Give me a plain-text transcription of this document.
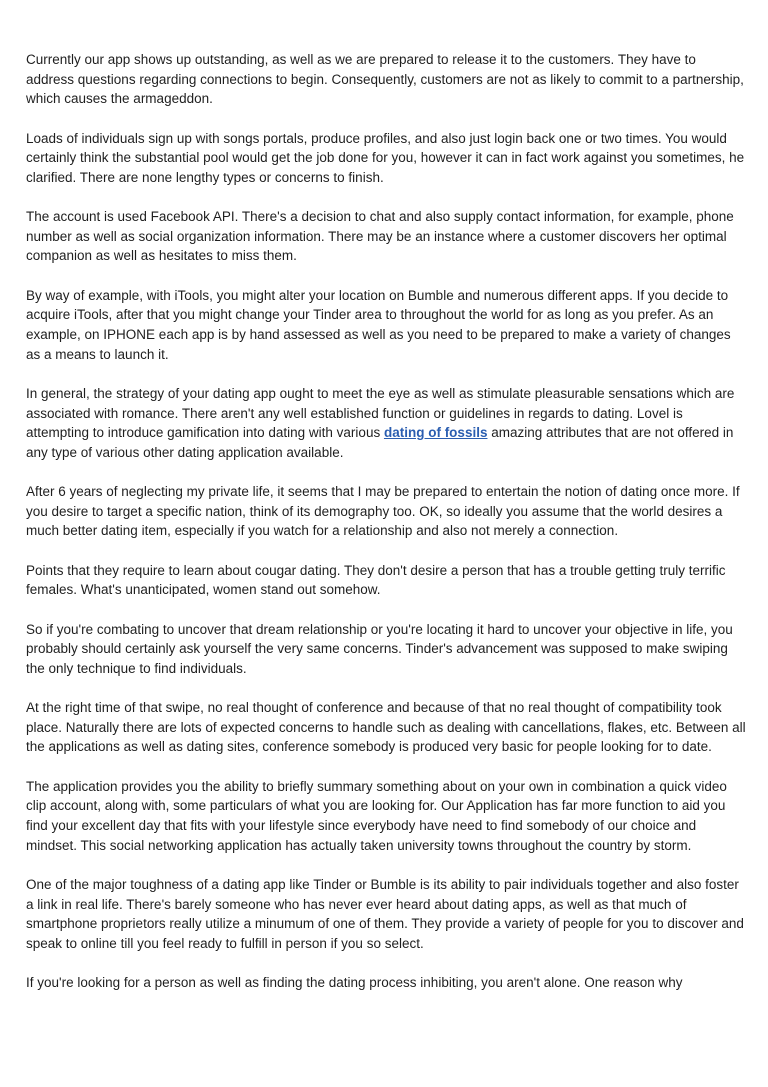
Currently our app shows up outstanding, as well as we are prepared to release it to the customers. They have to address questions regarding connections to begin. Consequently, customers are not as likely to commit to a partnership, which causes the armageddon.

Loads of individuals sign up with songs portals, produce profiles, and also just login back one or two times. You would certainly think the substantial pool would get the job done for you, however it can in fact work against you sometimes, he clarified. There are none lengthy types or concerns to finish.

The account is used Facebook API. There's a decision to chat and also supply contact information, for example, phone number as well as social organization information. There may be an instance where a customer discovers her optimal companion as well as hesitates to miss them.

By way of example, with iTools, you might alter your location on Bumble and numerous different apps. If you decide to acquire iTools, after that you might change your Tinder area to throughout the world for as long as you prefer. As an example, on IPHONE each app is by hand assessed as well as you need to be prepared to make a variety of changes as a means to launch it.

In general, the strategy of your dating app ought to meet the eye as well as stimulate pleasurable sensations which are associated with romance. There aren't any well established function or guidelines in regards to dating. Lovel is attempting to introduce gamification into dating with various dating of fossils amazing attributes that are not offered in any type of various other dating application available.

After 6 years of neglecting my private life, it seems that I may be prepared to entertain the notion of dating once more. If you desire to target a specific nation, think of its demography too. OK, so ideally you assume that the world desires a much better dating item, especially if you watch for a relationship and also not merely a connection.

Points that they require to learn about cougar dating. They don't desire a person that has a trouble getting truly terrific females. What's unanticipated, women stand out somehow.

So if you're combating to uncover that dream relationship or you're locating it hard to uncover your objective in life, you probably should certainly ask yourself the very same concerns. Tinder's advancement was supposed to make swiping the only technique to find individuals.

At the right time of that swipe, no real thought of conference and because of that no real thought of compatibility took place. Naturally there are lots of expected concerns to handle such as dealing with cancellations, flakes, etc. Between all the applications as well as dating sites, conference somebody is produced very basic for people looking for to date.

The application provides you the ability to briefly summary something about on your own in combination a quick video clip account, along with, some particulars of what you are looking for. Our Application has far more function to aid you find your excellent day that fits with your lifestyle since everybody have need to find somebody of our choice and mindset. This social networking application has actually taken university towns throughout the country by storm.

One of the major toughness of a dating app like Tinder or Bumble is its ability to pair individuals together and also foster a link in real life. There's barely someone who has never ever heard about dating apps, as well as that much of smartphone proprietors really utilize a minumum of one of them. They provide a variety of people for you to discover and speak to online till you feel ready to fulfill in person if you so select.

If you're looking for a person as well as finding the dating process inhibiting, you aren't alone. One reason why
